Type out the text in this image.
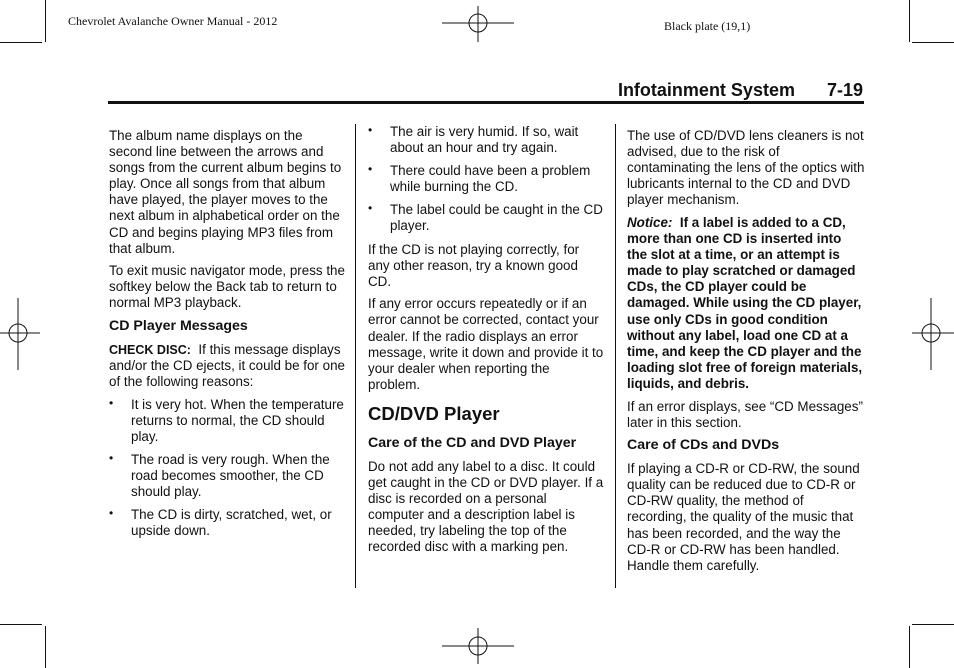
Chevrolet Avalanche Owner Manual - 2012	Black plate (19,1)
Infotainment System 7-19

The album name displays on the second line between the arrows and songs from the current album begins to play. Once all songs from that album have played, the player moves to the next album in alphabetical order on the CD and begins playing MP3 files from that album.

To exit music navigator mode, press the softkey below the Back tab to return to normal MP3 playback.

CD Player Messages

CHECK DISC: If this message displays and/or the CD ejects, it could be for one of the following reasons:

• It is very hot. When the temperature returns to normal, the CD should play.
• The road is very rough. When the road becomes smoother, the CD should play.
• The CD is dirty, scratched, wet, or upside down.
• The air is very humid. If so, wait about an hour and try again.
• There could have been a problem while burning the CD.
• The label could be caught in the CD player.

If the CD is not playing correctly, for any other reason, try a known good CD.

If any error occurs repeatedly or if an error cannot be corrected, contact your dealer. If the radio displays an error message, write it down and provide it to your dealer when reporting the problem.

CD/DVD Player
Care of the CD and DVD Player

Do not add any label to a disc. It could get caught in the CD or DVD player. If a disc is recorded on a personal computer and a description label is needed, try labeling the top of the recorded disc with a marking pen.

The use of CD/DVD lens cleaners is not advised, due to the risk of contaminating the lens of the optics with lubricants internal to the CD and DVD player mechanism.

Notice: If a label is added to a CD, more than one CD is inserted into the slot at a time, or an attempt is made to play scratched or damaged CDs, the CD player could be damaged. While using the CD player, use only CDs in good condition without any label, load one CD at a time, and keep the CD player and the loading slot free of foreign materials, liquids, and debris.

If an error displays, see “CD Messages” later in this section.

Care of CDs and DVDs

If playing a CD-R or CD-RW, the sound quality can be reduced due to CD-R or CD-RW quality, the method of recording, the quality of the music that has been recorded, and the way the CD-R or CD-RW has been handled. Handle them carefully.
